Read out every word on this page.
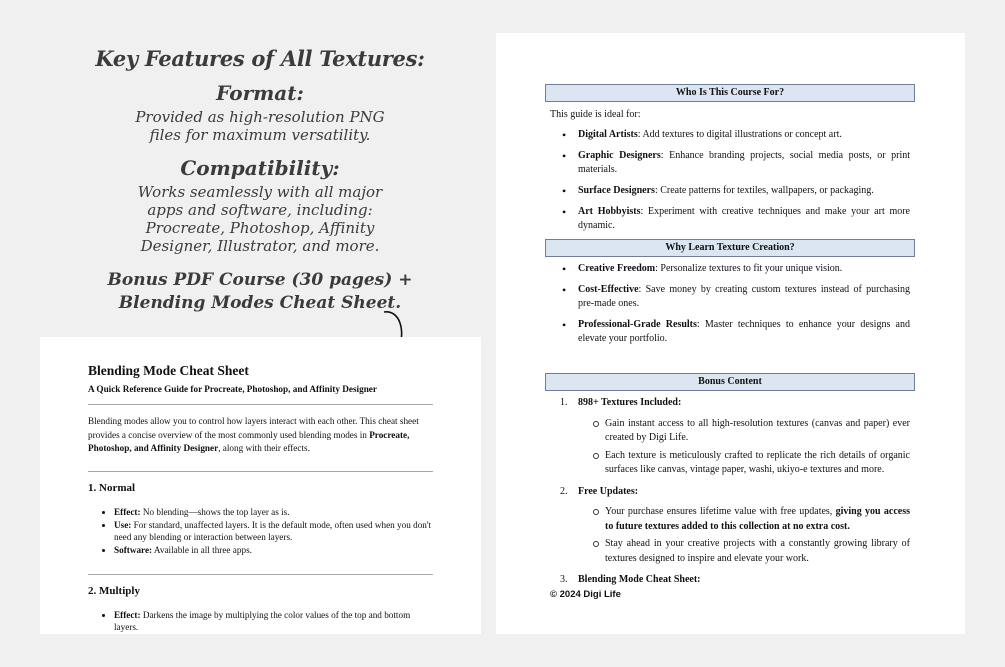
Key Features of All Textures:
Format:

Provided as high-resolution PNG files for maximum versatility.

Compatibility:

Works seamlessly with all major apps and software, including: Procreate, Photoshop, Affinity Designer, Illustrator, and more.

Bonus PDF Course (30 pages) +
Blending Modes Cheat Sheet.
Blending Mode Cheat Sheet
A Quick Reference Guide for Procreate, Photoshop, and Affinity Designer

Blending modes allow you to control how layers interact with each other. This cheat sheet provides a concise overview of the most commonly used blending modes in Procreate, Photoshop, and Affinity Designer, along with their effects.

1. Normal
• Effect: No blending—shows the top layer as is.
• Use: For standard, unaffected layers. It is the default mode, often used when you don't need any blending or interaction between layers.
• Software: Available in all three apps.
2. Multiply
• Effect: Darkens the image by multiplying the color values of the top and bottom layers.
Who Is This Course For?
This guide is ideal for:
• Digital Artists: Add textures to digital illustrations or concept art.
• Graphic Designers: Enhance branding projects, social media posts, or print materials.
• Surface Designers: Create patterns for textiles, wallpapers, or packaging.
• Art Hobbyists: Experiment with creative techniques and make your art more dynamic.
Why Learn Texture Creation?
• Creative Freedom: Personalize textures to fit your unique vision.
• Cost-Effective: Save money by creating custom textures instead of purchasing pre-made ones.
• Professional-Grade Results: Master techniques to enhance your designs and elevate your portfolio.
Bonus Content
1. 898+ Textures Included:
Gain instant access to all high-resolution textures (canvas and paper) ever created by Digi Life.
Each texture is meticulously crafted to replicate the rich details of organic surfaces like canvas, vintage paper, washi, ukiyo-e textures and more.
2. Free Updates:
Your purchase ensures lifetime value with free updates, giving you access to future textures added to this collection at no extra cost.
Stay ahead in your creative projects with a constantly growing library of textures designed to inspire and elevate your work.
3. Blending Mode Cheat Sheet:
© 2024 Digi Life
